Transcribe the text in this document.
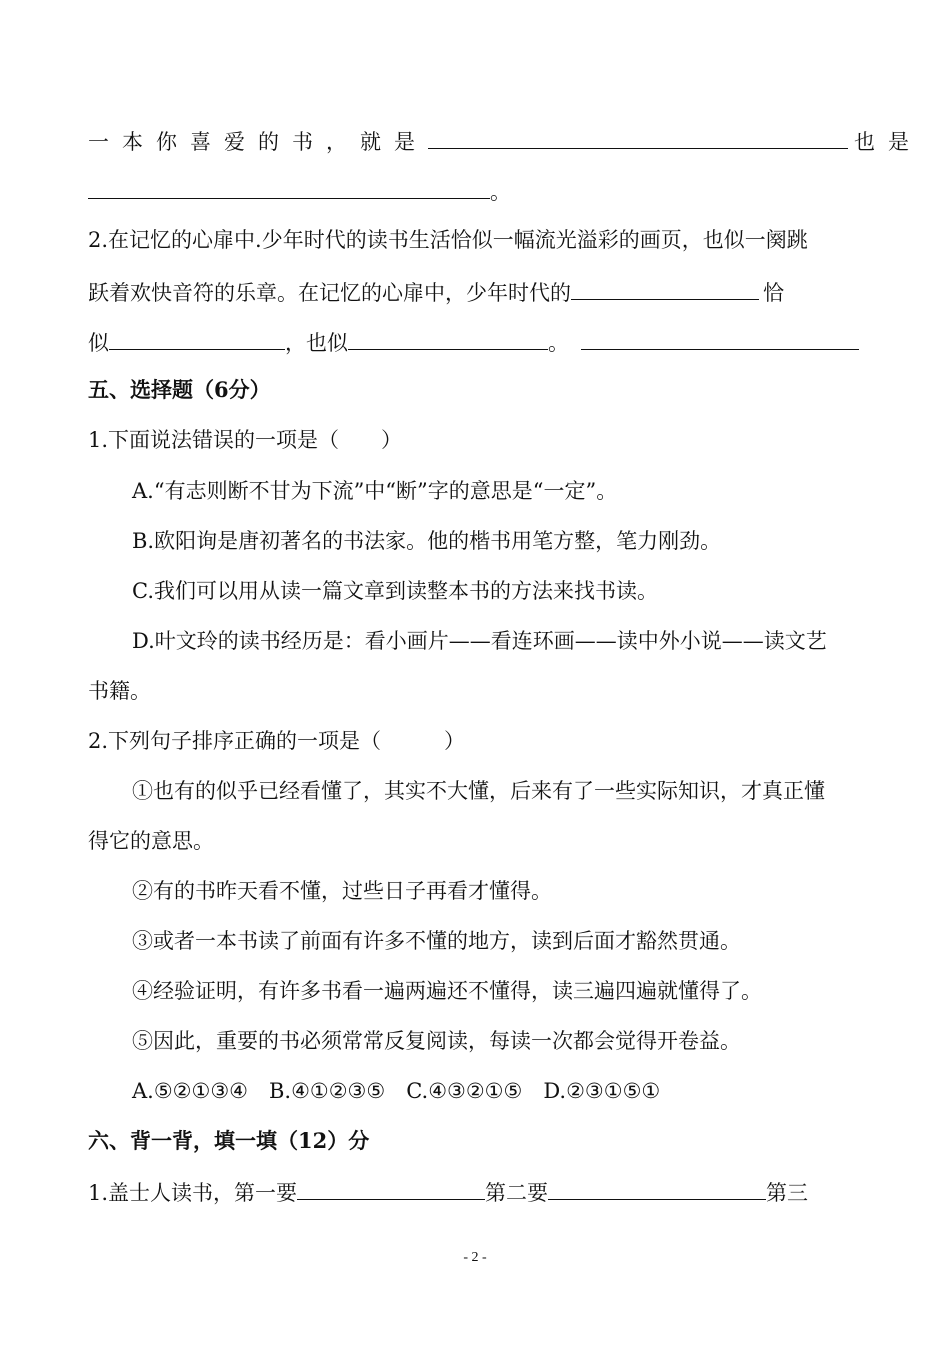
一本你喜爱的书，就是	也是
。
2.在记忆的心扉中.少年时代的读书生活恰似一幅流光溢彩的画页，也似一阕跳
跃着欢快音符的乐章。在记忆的心扉中，少年时代的	恰
似	，也似	。
五、选择题（6分）
1.下面说法错误的一项是（　　）
A.“有志则断不甘为下流”中“断”字的意思是“一定”。
B.欧阳询是唐初著名的书法家。他的楷书用笔方整，笔力刚劲。
C.我们可以用从读一篇文章到读整本书的方法来找书读。
D.叶文玲的读书经历是：看小画片——看连环画——读中外小说——读文艺
书籍。
2.下列句子排序正确的一项是（　　　）
①也有的似乎已经看懂了，其实不大懂，后来有了一些实际知识，才真正懂
得它的意思。
②有的书昨天看不懂，过些日子再看才懂得。
③或者一本书读了前面有许多不懂的地方，读到后面才豁然贯通。
④经验证明，有许多书看一遍两遍还不懂得，读三遍四遍就懂得了。
⑤因此，重要的书必须常常反复阅读，每读一次都会觉得开卷益。
A.⑤②①③④　B.④①②③⑤　C.④③②①⑤　D.②③①⑤①
六、背一背，填一填（12）分
1.盖士人读书，第一要	第二要	第三
- 2 -
